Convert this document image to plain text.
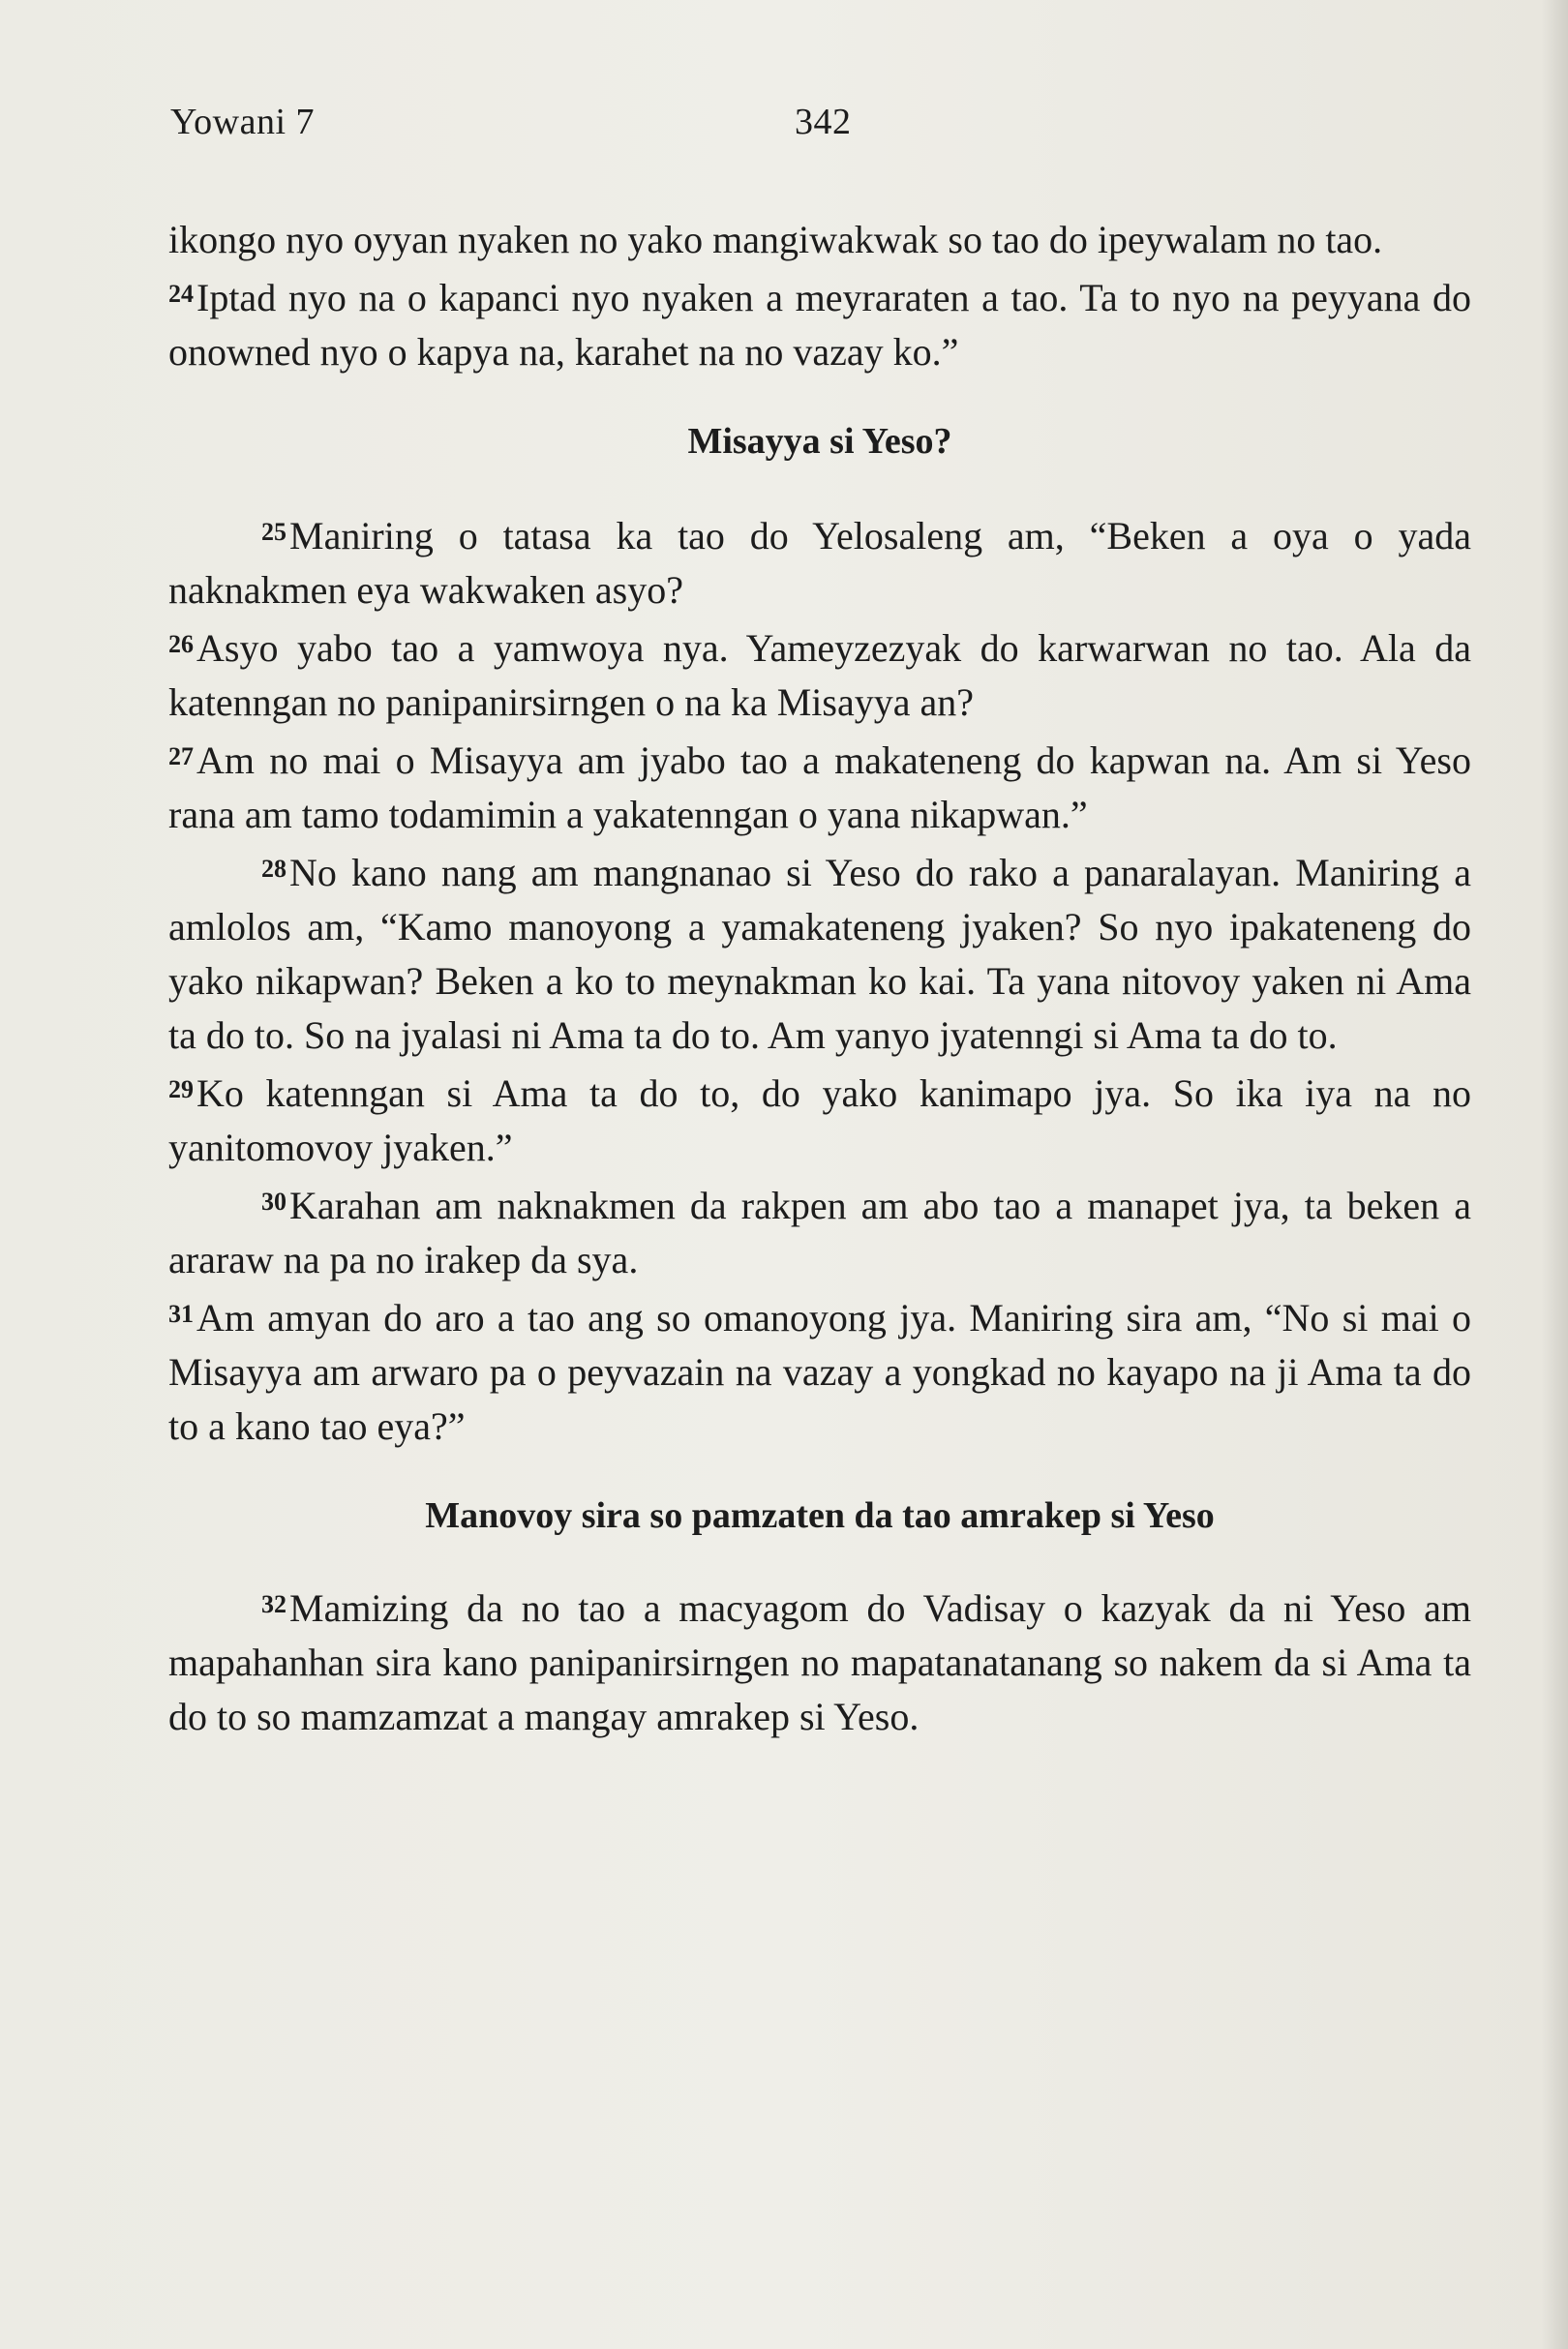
Yowani 7	342

ikongo nyo oyyan nyaken no yako mangiwakwak so tao do ipeywalam no tao.

$^{24}$Iptad nyo na o kapanci nyo nyaken a meyraraten a tao. Ta to nyo na peyyana do onowned nyo o kapya na, karahet na no vazay ko.”

Misayya si Yeso?

$^{25}$Maniring o tatasa ka tao do Yelosaleng am, “Beken a oya o yada naknakmen eya wakwaken asyo?

$^{26}$Asyo yabo tao a yamwoya nya. Yameyzezyak do karwarwan no tao. Ala da katenngan no panipanirsirngen o na ka Misayya an?

$^{27}$Am no mai o Misayya am jyabo tao a makateneng do kapwan na. Am si Yeso rana am tamo todamimin a yakatenngan o yana nikapwan.”

$^{28}$No kano nang am mangnanao si Yeso do rako a panaralayan. Maniring a amlolos am, “Kamo manoyong a yamakateneng jyaken? So nyo ipakateneng do yako nikapwan? Beken a ko to meynakman ko kai. Ta yana nitovoy yaken ni Ama ta do to. So na jyalasi ni Ama ta do to. Am yanyo jyatenngi si Ama ta do to.

$^{29}$Ko katenngan si Ama ta do to, do yako kanimapo jya. So ika iya na no yanitomovoy jyaken.”

$^{30}$Karahan am naknakmen da rakpen am abo tao a manapet jya, ta beken a araraw na pa no irakep da sya.

$^{31}$Am amyan do aro a tao ang so omanoyong jya. Maniring sira am, “No si mai o Misayya am arwaro pa o peyvazain na vazay a yongkad no kayapo na ji Ama ta do to a kano tao eya?”

Manovoy sira so pamzaten da tao amrakep si Yeso

$^{32}$Mamizing da no tao a macyagom do Vadisay o kazyak da ni Yeso am mapahanhan sira kano panipanirsirngen no mapatanatanang so nakem da si Ama ta do to so mamzamzat a mangay amrakep si Yeso.
